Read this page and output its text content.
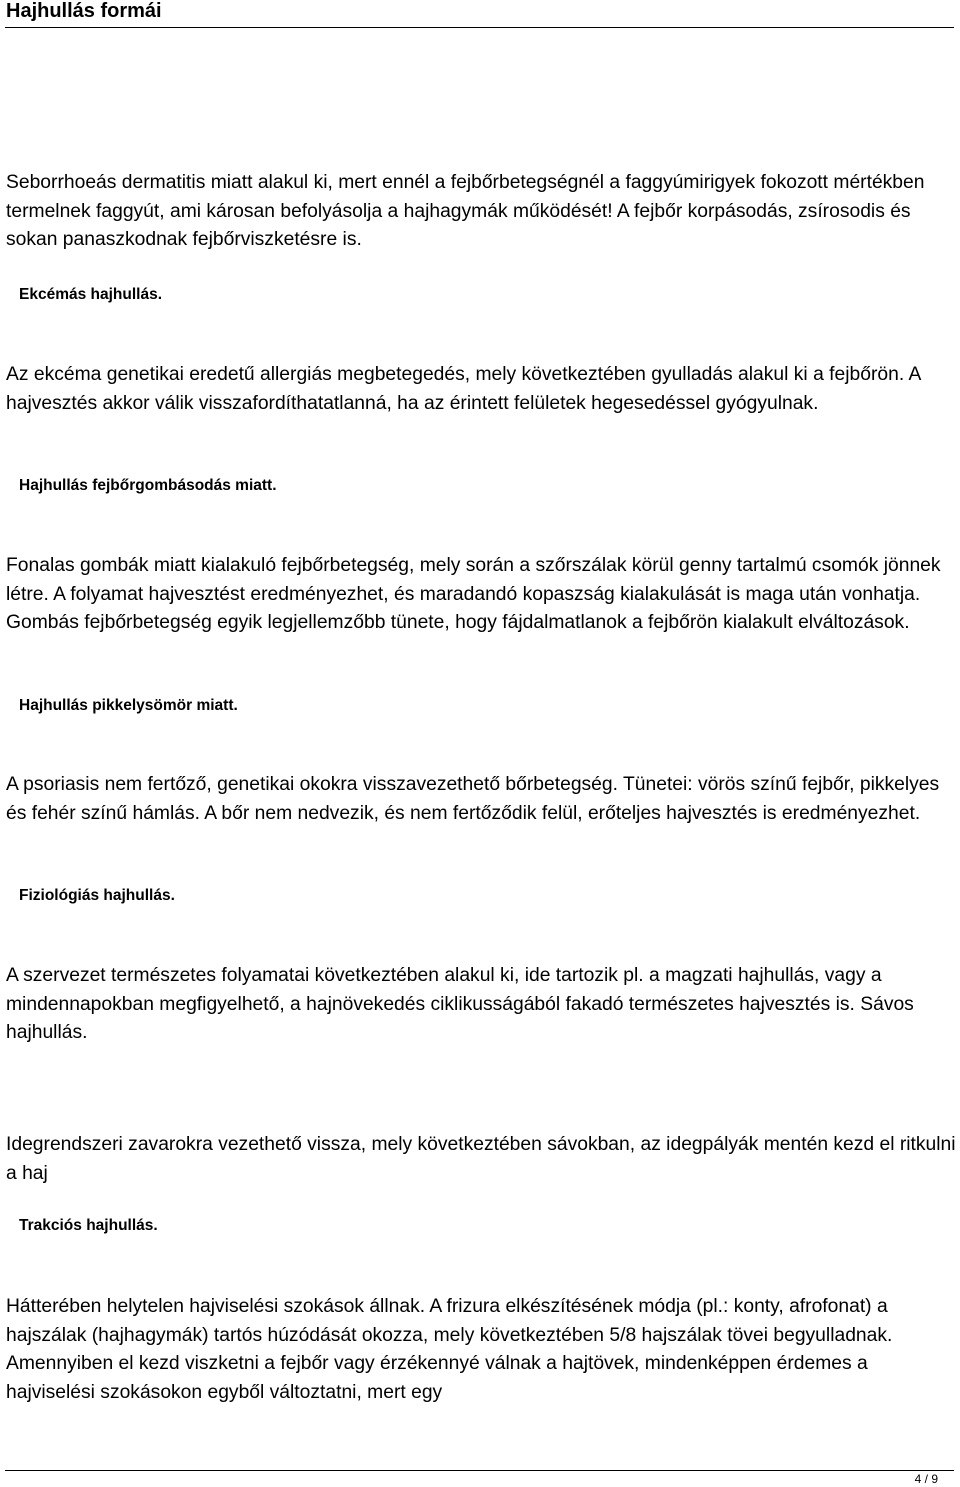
Hajhullás formái

Seborrhoeás dermatitis miatt alakul ki, mert ennél a fejbőrbetegségnél a faggyúmirigyek fokozott mértékben termelnek faggyút, ami károsan befolyásolja a hajhagymák működését! A fejbőr korpásodás, zsírosodis és sokan panaszkodnak fejbőrviszketésre is.

Ekcémás hajhullás.

Az ekcéma genetikai eredetű allergiás megbetegedés, mely következtében gyulladás alakul ki a fejbőrön. A hajvesztés akkor válik visszafordíthatatlanná, ha az érintett felületek hegesedéssel gyógyulnak.

Hajhullás fejbőrgombásodás miatt.

Fonalas gombák miatt kialakuló fejbőrbetegség, mely során a szőrszálak körül genny tartalmú csomók jönnek létre. A folyamat hajvesztést eredményezhet, és maradandó kopaszság kialakulását is maga után vonhatja. Gombás fejbőrbetegség egyik legjellemzőbb tünete, hogy fájdalmatlanok a fejbőrön kialakult elváltozások.

Hajhullás pikkelysömör miatt.

A psoriasis nem fertőző, genetikai okokra visszavezethető bőrbetegség. Tünetei: vörös színű fejbőr, pikkelyes és fehér színű hámlás. A bőr nem nedvezik, és nem fertőződik felül, erőteljes hajvesztés is eredményezhet.

Fiziológiás hajhullás.

A szervezet természetes folyamatai következtében alakul ki, ide tartozik pl. a magzati hajhullás, vagy a mindennapokban megfigyelhető, a hajnövekedés ciklikusságából fakadó természetes hajvesztés is. Sávos hajhullás.

Idegrendszeri zavarokra vezethető vissza, mely következtében sávokban, az idegpályák mentén kezd el ritkulni a haj

Trakciós hajhullás.

Hátterében helytelen hajviselési szokások állnak. A frizura elkészítésének módja (pl.: konty, afrofonat) a hajszálak (hajhagymák) tartós húzódását okozza, mely következtében 5/8 hajszálak tövei begyulladnak. Amennyiben el kezd viszketni a fejbőr vagy érzékennyé válnak a hajtövek, mindenképpen érdemes a hajviselési szokásokon egyből változtatni, mert egy

4 / 9
